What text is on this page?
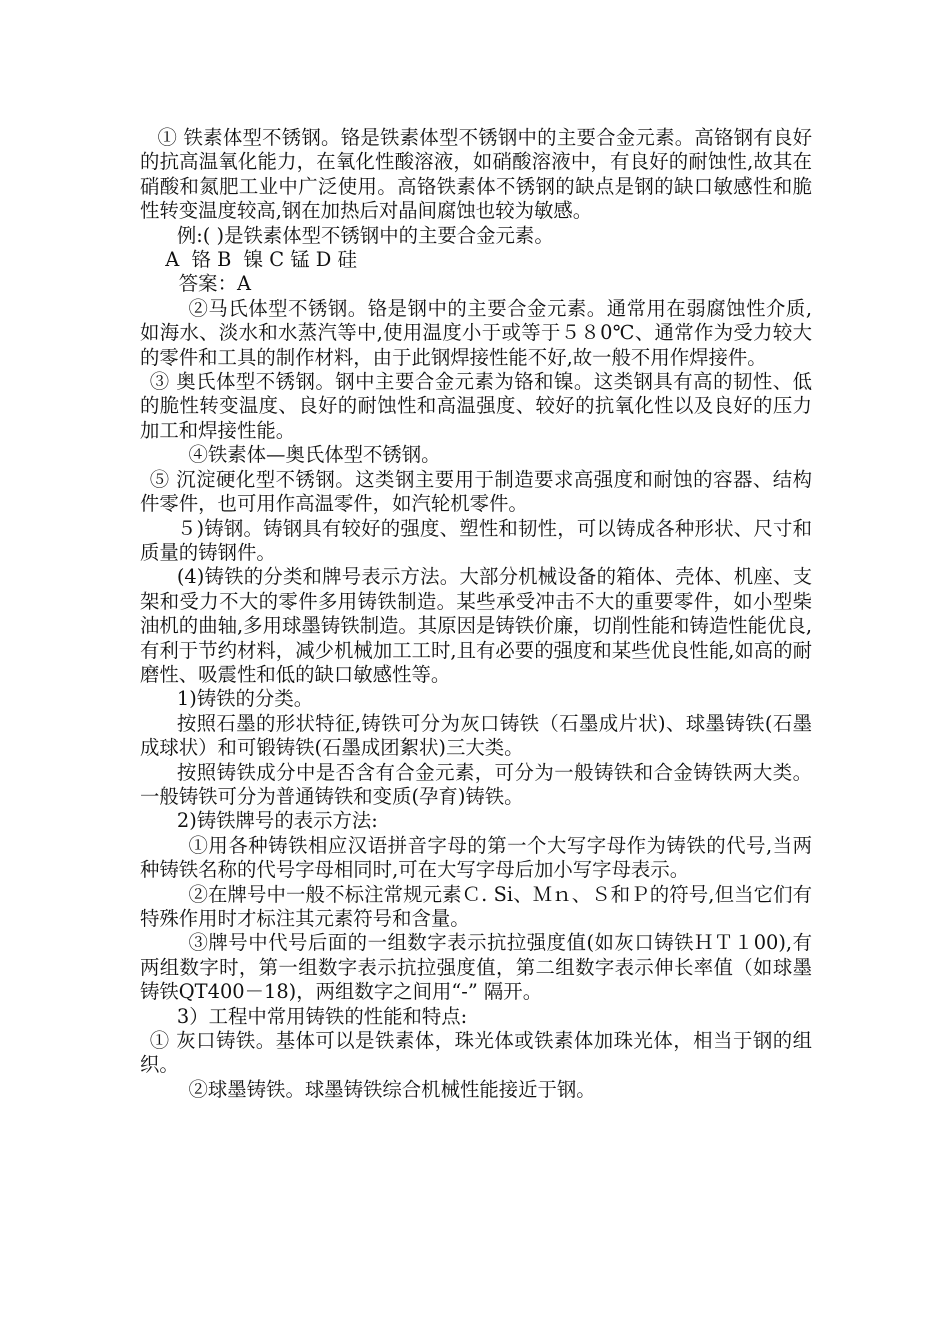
① 铁素体型不锈钢。铬是铁素体型不锈钢中的主要合金元素。高铬钢有良好的抗高温氧化能力，在氧化性酸溶液，如硝酸溶液中，有良好的耐蚀性,故其在硝酸和氮肥工业中广泛使用。高铬铁素体不锈钢的缺点是钢的缺口敏感性和脆性转变温度较高,钢在加热后对晶间腐蚀也较为敏感。

例:( )是铁素体型不锈钢中的主要合金元素。

A  铬 B  镍 C 锰 D 硅

答案：A

②马氏体型不锈钢。铬是钢中的主要合金元素。通常用在弱腐蚀性介质,如海水、淡水和水蒸汽等中,使用温度小于或等于５８0℃、通常作为受力较大的零件和工具的制作材料，由于此钢焊接性能不好,故一般不用作焊接件。

③ 奥氏体型不锈钢。钢中主要合金元素为铬和镍。这类钢具有高的韧性、低的脆性转变温度、良好的耐蚀性和高温强度、较好的抗氧化性以及良好的压力加工和焊接性能。

④铁素体—奥氏体型不锈钢。

⑤ 沉淀硬化型不锈钢。这类钢主要用于制造要求高强度和耐蚀的容器、结构件零件，也可用作高温零件，如汽轮机零件。

５)铸钢。铸钢具有较好的强度、塑性和韧性，可以铸成各种形状、尺寸和质量的铸钢件。

(4)铸铁的分类和牌号表示方法。大部分机械设备的箱体、壳体、机座、支架和受力不大的零件多用铸铁制造。某些承受冲击不大的重要零件，如小型柴油机的曲轴,多用球墨铸铁制造。其原因是铸铁价廉，切削性能和铸造性能优良,有利于节约材料，减少机械加工工时,且有必要的强度和某些优良性能,如高的耐磨性、吸震性和低的缺口敏感性等。

1)铸铁的分类。

按照石墨的形状特征,铸铁可分为灰口铸铁（石墨成片状)、球墨铸铁(石墨成球状）和可锻铸铁(石墨成团絮状)三大类。

按照铸铁成分中是否含有合金元素，可分为一般铸铁和合金铸铁两大类。一般铸铁可分为普通铸铁和变质(孕育)铸铁。

2)铸铁牌号的表示方法:

①用各种铸铁相应汉语拼音字母的第一个大写字母作为铸铁的代号,当两种铸铁名称的代号字母相同时,可在大写字母后加小写字母表示。

②在牌号中一般不标注常规元素Ｃ. Si、Ｍｎ、Ｓ和Ｐ的符号,但当它们有特殊作用时才标注其元素符号和含量。

③牌号中代号后面的一组数字表示抗拉强度值(如灰口铸铁ＨＴ１00),有两组数字时，第一组数字表示抗拉强度值，第二组数字表示伸长率值（如球墨铸铁QT400－18)，两组数字之间用“-” 隔开。

3）工程中常用铸铁的性能和特点:

① 灰口铸铁。基体可以是铁素体，珠光体或铁素体加珠光体，相当于钢的组织。

②球墨铸铁。球墨铸铁综合机械性能接近于钢。
